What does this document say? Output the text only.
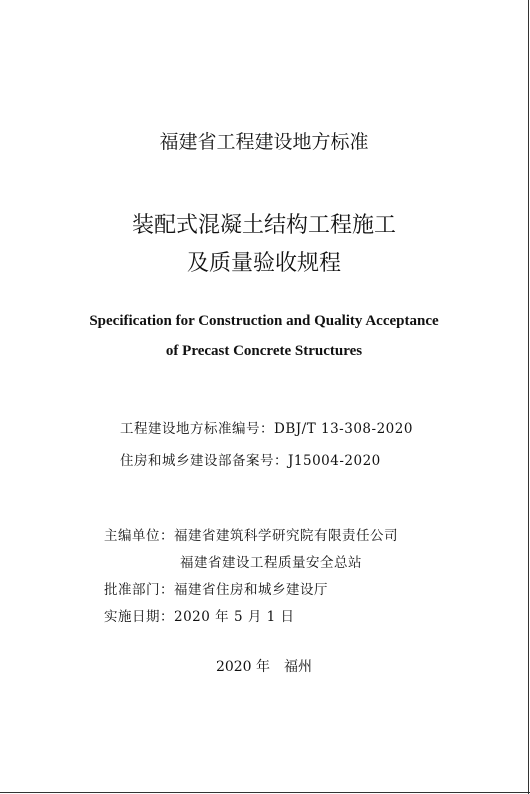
福建省工程建设地方标准
装配式混凝土结构工程施工
及质量验收规程
Specification for Construction and Quality Acceptance
of Precast Concrete Structures
工程建设地方标准编号：DBJ/T 13-308-2020
住房和城乡建设部备案号：J15004-2020
主编单位：福建省建筑科学研究院有限责任公司
福建省建设工程质量安全总站
批准部门：福建省住房和城乡建设厅
实施日期：2020 年 5 月 1 日
2020 年 福州
